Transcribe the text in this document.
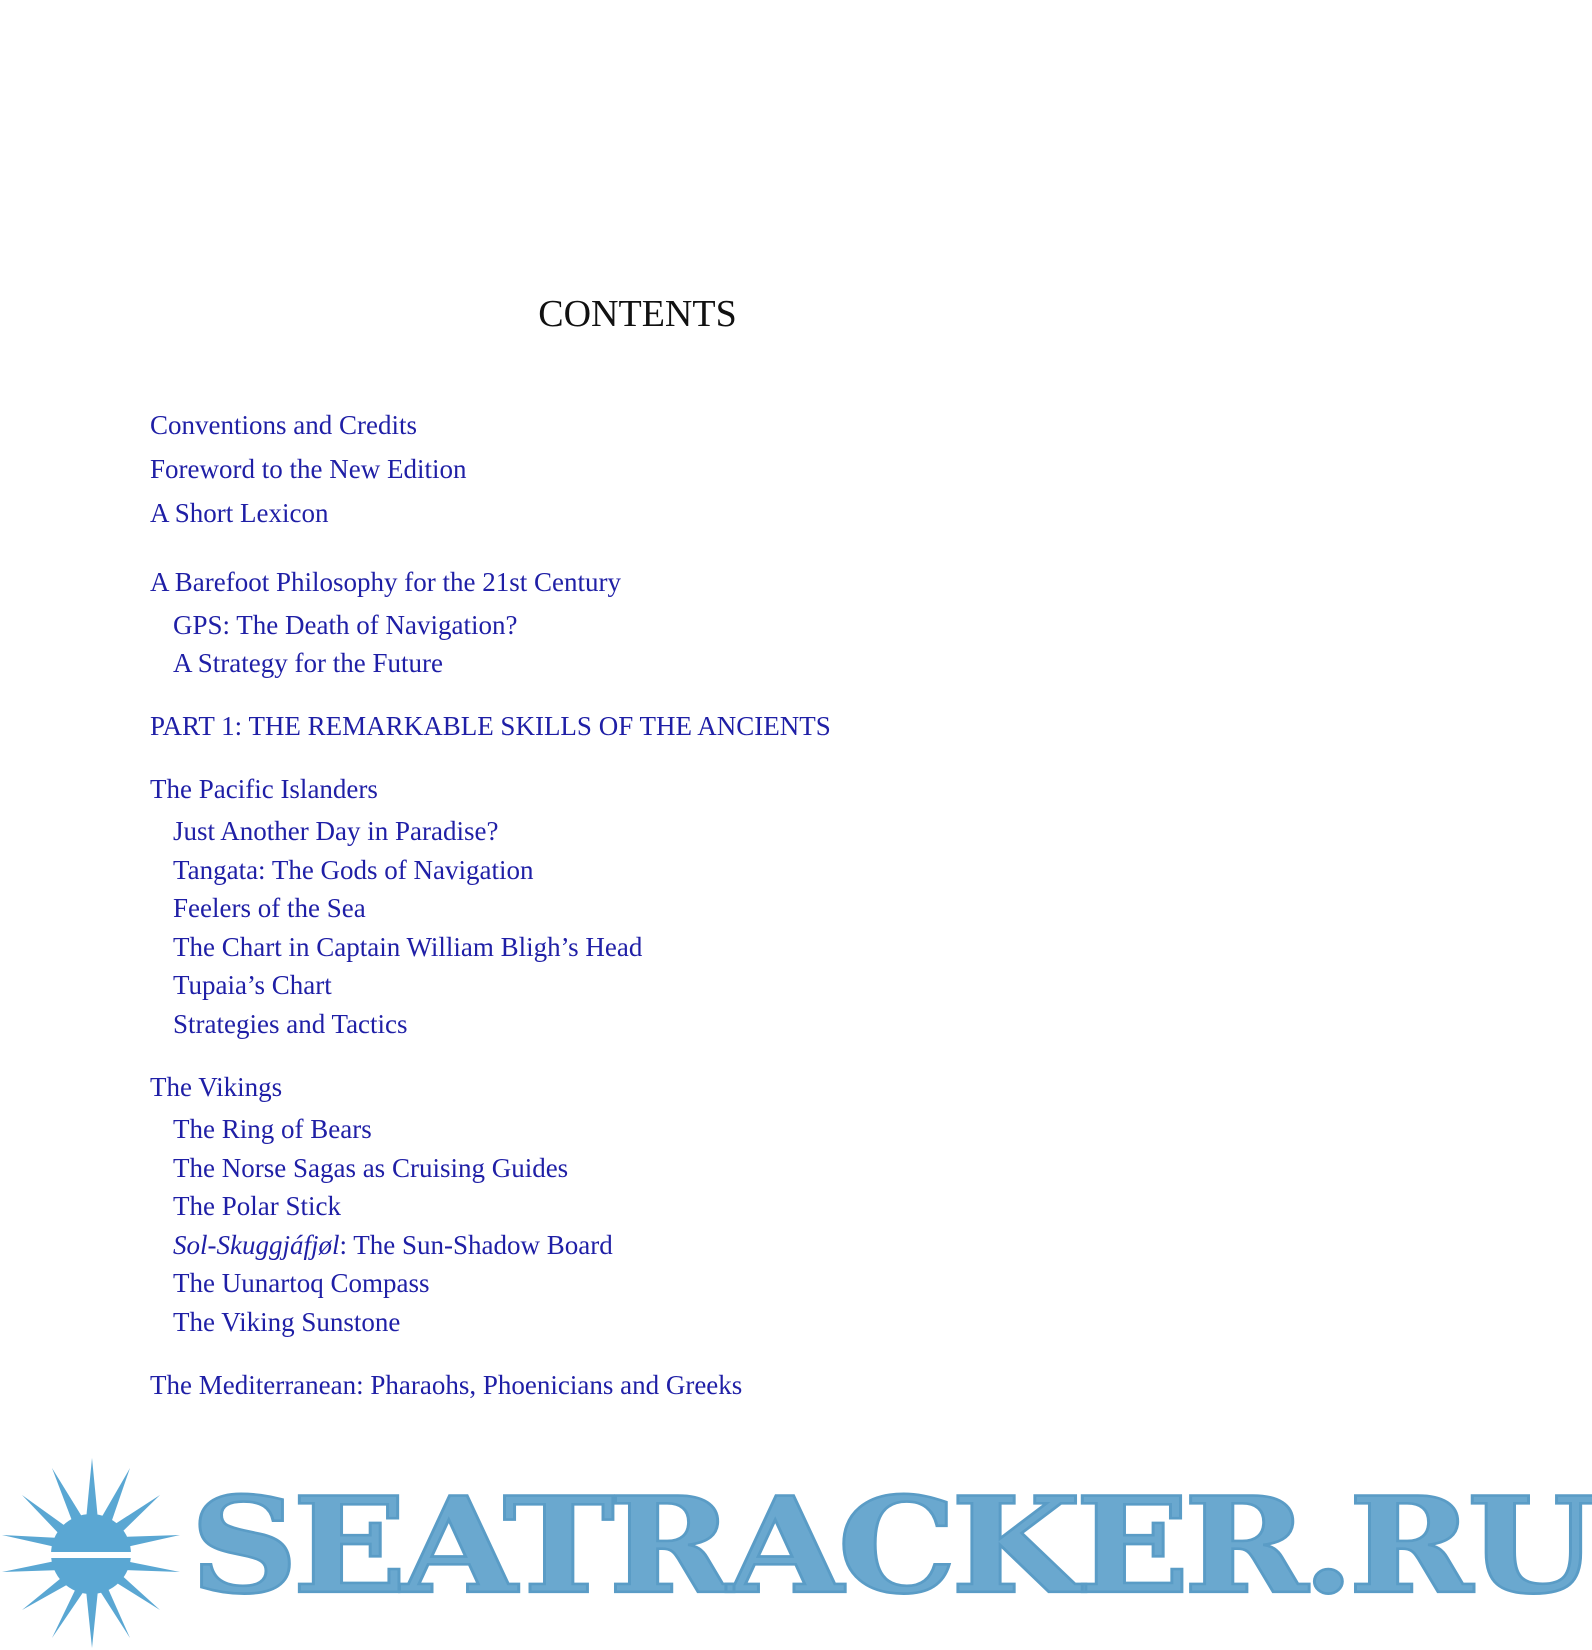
CONTENTS
Conventions and Credits
Foreword to the New Edition
A Short Lexicon
A Barefoot Philosophy for the 21st Century
GPS: The Death of Navigation?
A Strategy for the Future
PART 1: THE REMARKABLE SKILLS OF THE ANCIENTS
The Pacific Islanders
Just Another Day in Paradise?
Tangata: The Gods of Navigation
Feelers of the Sea
The Chart in Captain William Bligh’s Head
Tupaia’s Chart
Strategies and Tactics
The Vikings
The Ring of Bears
The Norse Sagas as Cruising Guides
The Polar Stick
Sol-Skuggjáfjøl: The Sun-Shadow Board
The Uunartoq Compass
The Viking Sunstone
The Mediterranean: Pharaohs, Phoenicians and Greeks
SEATRACKER.RU
